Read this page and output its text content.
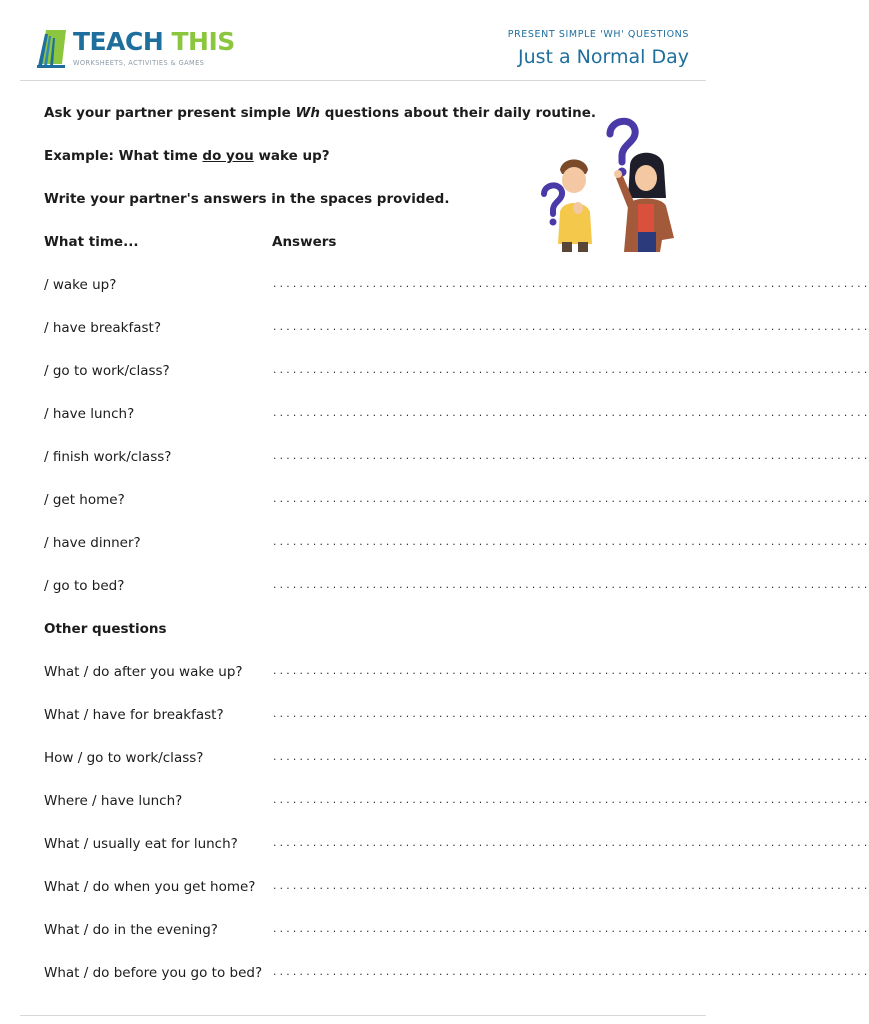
TEACH THIS
WORKSHEETS, ACTIVITIES & GAMES
PRESENT SIMPLE 'WH' QUESTIONS
Just a Normal Day
Ask your partner present simple Wh questions about their daily routine.
Example: What time do you wake up?
Write your partner's answers in the spaces provided.
What time...	Answers
/ wake up?	..........................................................................................
/ have breakfast?	..........................................................................................
/ go to work/class?	..........................................................................................
/ have lunch?	..........................................................................................
/ finish work/class?	..........................................................................................
/ get home?	..........................................................................................
/ have dinner?	..........................................................................................
/ go to bed?	..........................................................................................
Other questions
What / do after you wake up?	..........................................................................................
What / have for breakfast?	..........................................................................................
How / go to work/class?	..........................................................................................
Where / have lunch?	..........................................................................................
What / usually eat for lunch?	..........................................................................................
What / do when you get home? ..........................................................................................
What / do in the evening?	..........................................................................................
What / do before you go to bed? ..........................................................................................
